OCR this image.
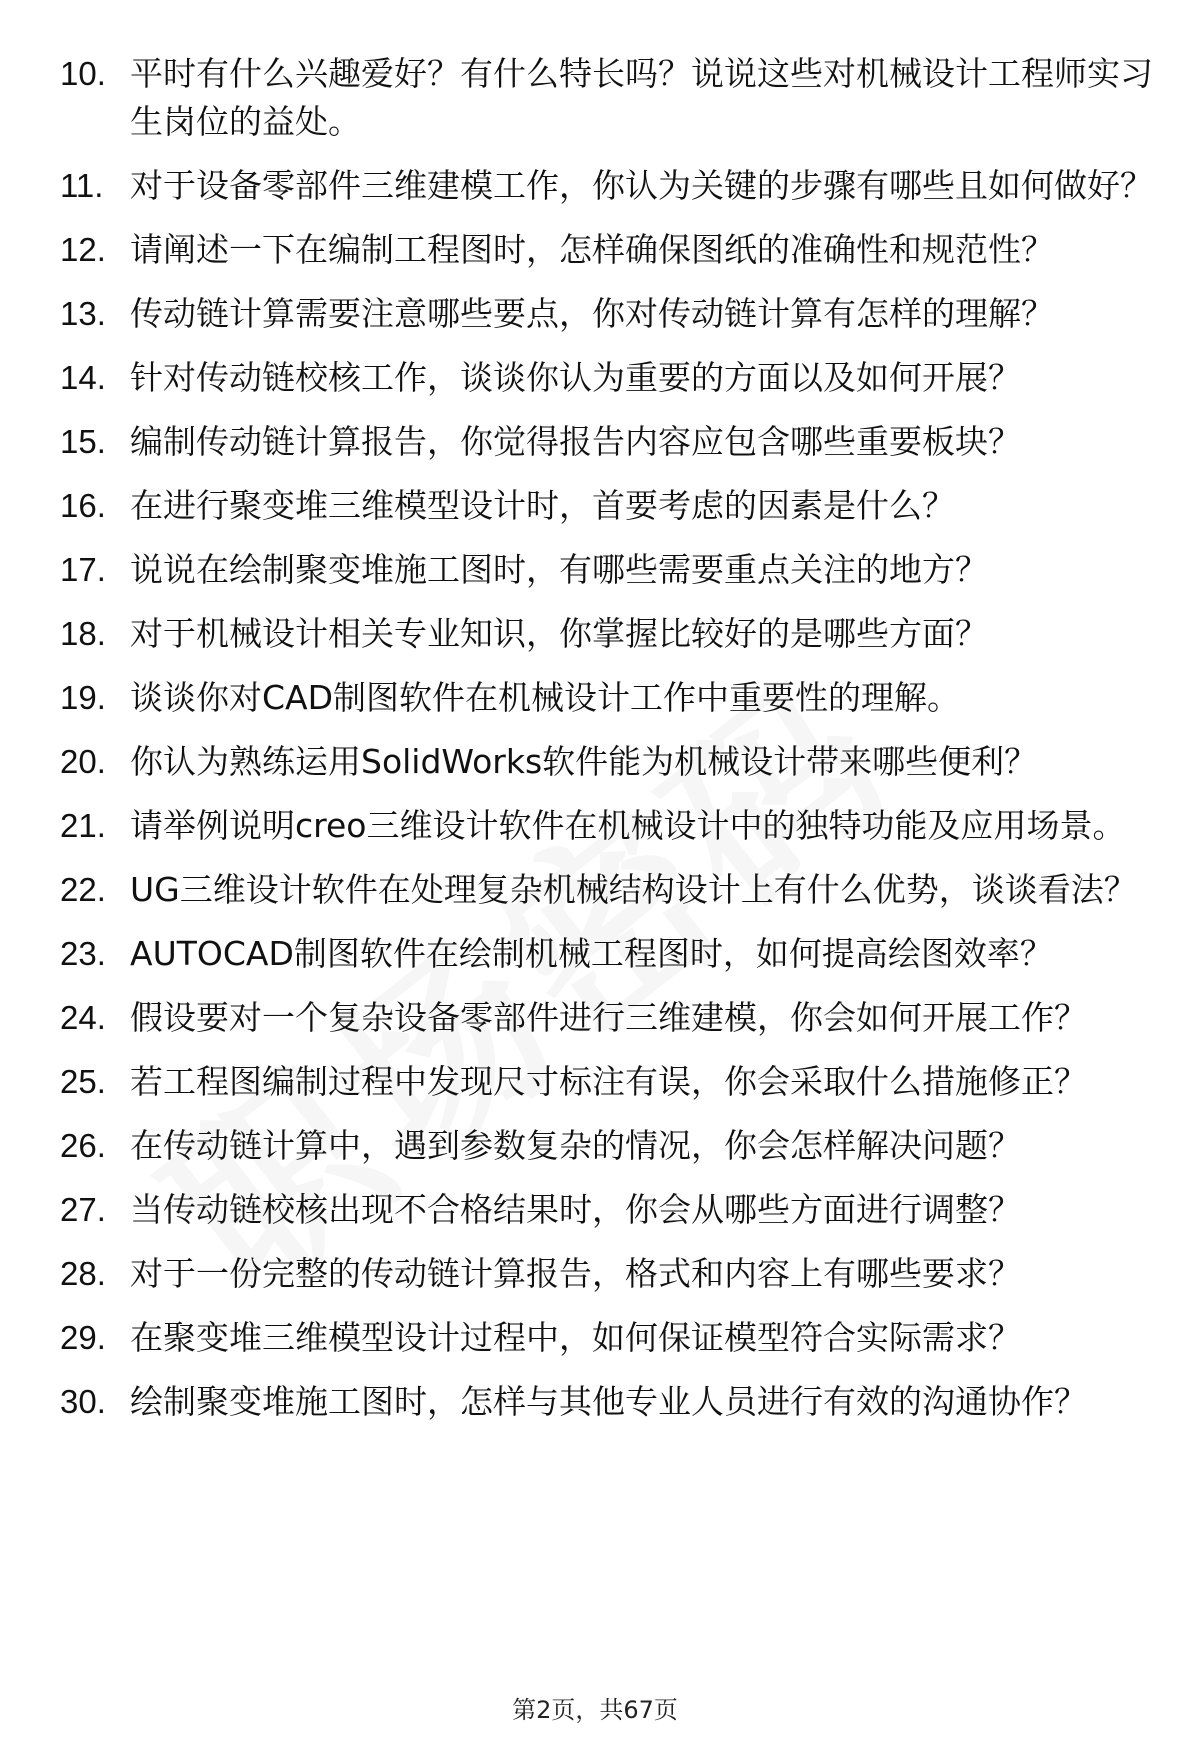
10. 平时有什么兴趣爱好？有什么特长吗？说说这些对机械设计工程师实习生岗位的益处。
11. 对于设备零部件三维建模工作，你认为关键的步骤有哪些且如何做好？
12. 请阐述一下在编制工程图时，怎样确保图纸的准确性和规范性？
13. 传动链计算需要注意哪些要点，你对传动链计算有怎样的理解？
14. 针对传动链校核工作，谈谈你认为重要的方面以及如何开展？
15. 编制传动链计算报告，你觉得报告内容应包含哪些重要板块？
16. 在进行聚变堆三维模型设计时，首要考虑的因素是什么？
17. 说说在绘制聚变堆施工图时，有哪些需要重点关注的地方？
18. 对于机械设计相关专业知识，你掌握比较好的是哪些方面？
19. 谈谈你对CAD制图软件在机械设计工作中重要性的理解。
20. 你认为熟练运用SolidWorks软件能为机械设计带来哪些便利？
21. 请举例说明creo三维设计软件在机械设计中的独特功能及应用场景。
22. UG三维设计软件在处理复杂机械结构设计上有什么优势，谈谈看法？
23. AUTOCAD制图软件在绘制机械工程图时，如何提高绘图效率？
24. 假设要对一个复杂设备零部件进行三维建模，你会如何开展工作？
25. 若工程图编制过程中发现尺寸标注有误，你会采取什么措施修正？
26. 在传动链计算中，遇到参数复杂的情况，你会怎样解决问题？
27. 当传动链校核出现不合格结果时，你会从哪些方面进行调整？
28. 对于一份完整的传动链计算报告，格式和内容上有哪些要求？
29. 在聚变堆三维模型设计过程中，如何保证模型符合实际需求？
30. 绘制聚变堆施工图时，怎样与其他专业人员进行有效的沟通协作？
第2页，共67页
